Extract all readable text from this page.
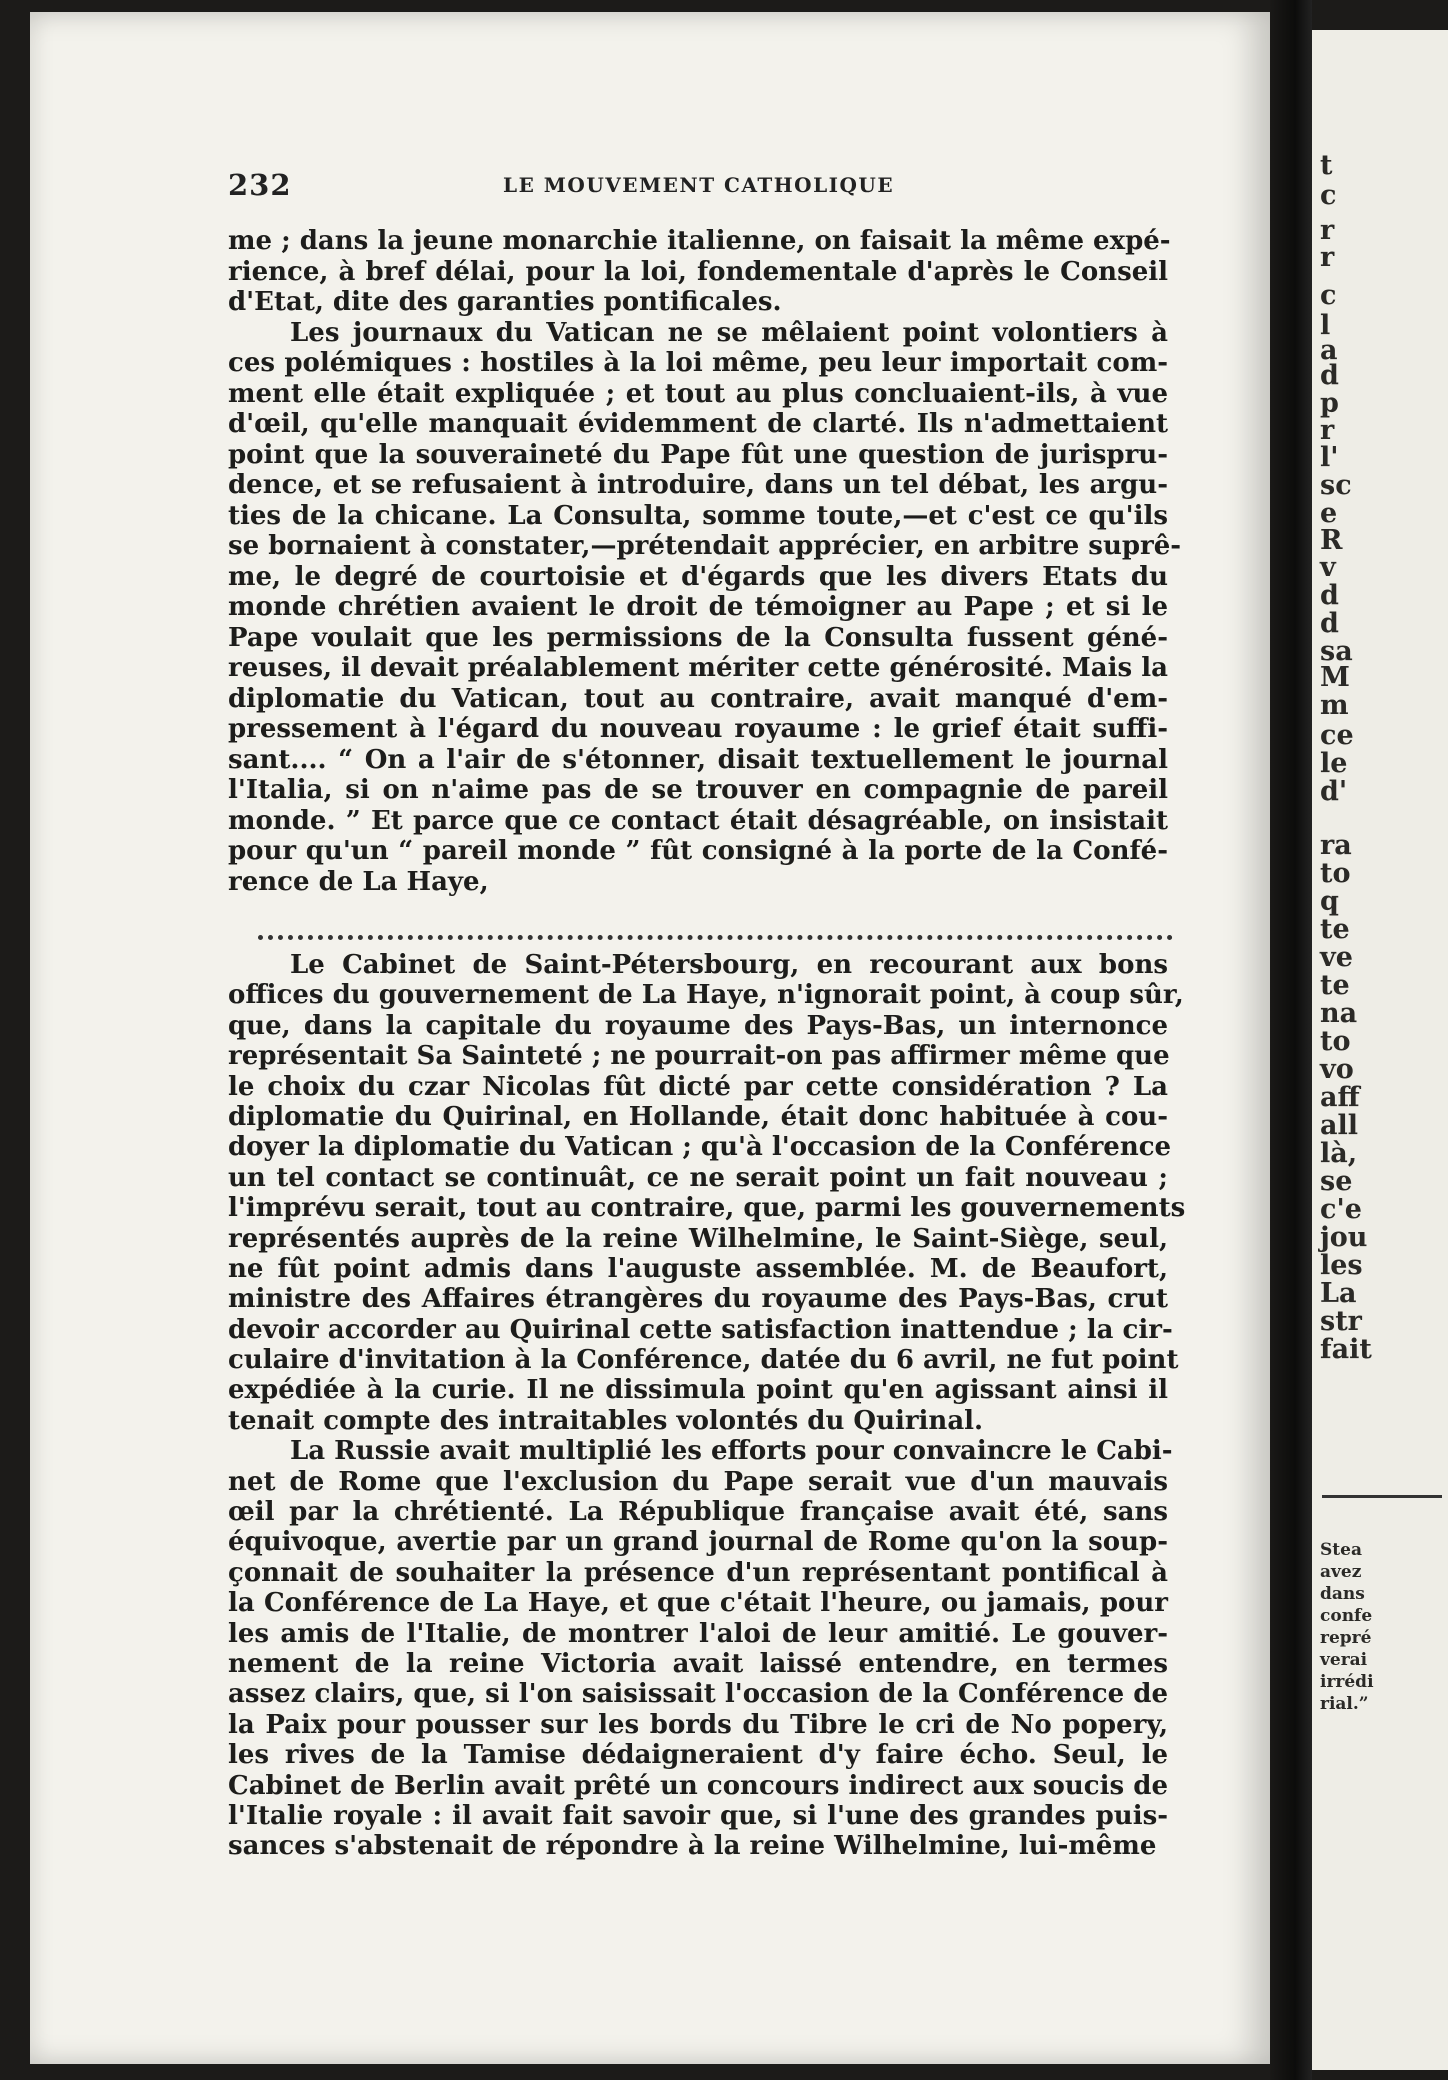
232	LE MOUVEMENT CATHOLIQUE
me ; dans la jeune monarchie italienne, on faisait la même expé-
rience, à bref délai, pour la loi, fondementale d'après le Conseil
d'Etat, dite des garanties pontificales.
Les journaux du Vatican ne se mêlaient point volontiers à
ces polémiques : hostiles à la loi même, peu leur importait com-
ment elle était expliquée ; et tout au plus concluaient-ils, à vue
d'œil, qu'elle manquait évidemment de clarté. Ils n'admettaient
point que la souveraineté du Pape fût une question de jurispru-
dence, et se refusaient à introduire, dans un tel débat, les argu-
ties de la chicane. La Consulta, somme toute,—et c'est ce qu'ils
se bornaient à constater,—prétendait apprécier, en arbitre suprê-
me, le degré de courtoisie et d'égards que les divers Etats du
monde chrétien avaient le droit de témoigner au Pape ; et si le
Pape voulait que les permissions de la Consulta fussent géné-
reuses, il devait préalablement mériter cette générosité. Mais la
diplomatie du Vatican, tout au contraire, avait manqué d'em-
pressement à l'égard du nouveau royaume : le grief était suffi-
sant.... “ On a l'air de s'étonner, disait textuellement le journal
l'Italia, si on n'aime pas de se trouver en compagnie de pareil
monde. ” Et parce que ce contact était désagréable, on insistait
pour qu'un “ pareil monde ” fût consigné à la porte de la Confé-
rence de La Haye,
Le Cabinet de Saint-Pétersbourg, en recourant aux bons
offices du gouvernement de La Haye, n'ignorait point, à coup sûr,
que, dans la capitale du royaume des Pays-Bas, un internonce
représentait Sa Sainteté ; ne pourrait-on pas affirmer même que
le choix du czar Nicolas fût dicté par cette considération ? La
diplomatie du Quirinal, en Hollande, était donc habituée à cou-
doyer la diplomatie du Vatican ; qu'à l'occasion de la Conférence
un tel contact se continuât, ce ne serait point un fait nouveau ;
l'imprévu serait, tout au contraire, que, parmi les gouvernements
représentés auprès de la reine Wilhelmine, le Saint-Siège, seul,
ne fût point admis dans l'auguste assemblée. M. de Beaufort,
ministre des Affaires étrangères du royaume des Pays-Bas, crut
devoir accorder au Quirinal cette satisfaction inattendue ; la cir-
culaire d'invitation à la Conférence, datée du 6 avril, ne fut point
expédiée à la curie. Il ne dissimula point qu'en agissant ainsi il
tenait compte des intraitables volontés du Quirinal.
La Russie avait multiplié les efforts pour convaincre le Cabi-
net de Rome que l'exclusion du Pape serait vue d'un mauvais
œil par la chrétienté. La République française avait été, sans
équivoque, avertie par un grand journal de Rome qu'on la soup-
çonnait de souhaiter la présence d'un représentant pontifical à
la Conférence de La Haye, et que c'était l'heure, ou jamais, pour
les amis de l'Italie, de montrer l'aloi de leur amitié. Le gouver-
nement de la reine Victoria avait laissé entendre, en termes
assez clairs, que, si l'on saisissait l'occasion de la Conférence de
la Paix pour pousser sur les bords du Tibre le cri de No popery,
les rives de la Tamise dédaigneraient d'y faire écho. Seul, le
Cabinet de Berlin avait prêté un concours indirect aux soucis de
l'Italie royale : il avait fait savoir que, si l'une des grandes puis-
sances s'abstenait de répondre à la reine Wilhelmine, lui-même
t
c
r
r
c
l
a
d
p
r
l'
sc
e
R
v
d
d
sa
M
m
ce
le
d'
ra
to
q
te
ve
te
na
to
vo
aff
all
là,
se
c'e
jou
les
La
str
fait
Stea
avez
dans
confe
repré
verai
irrédi
rial.”
